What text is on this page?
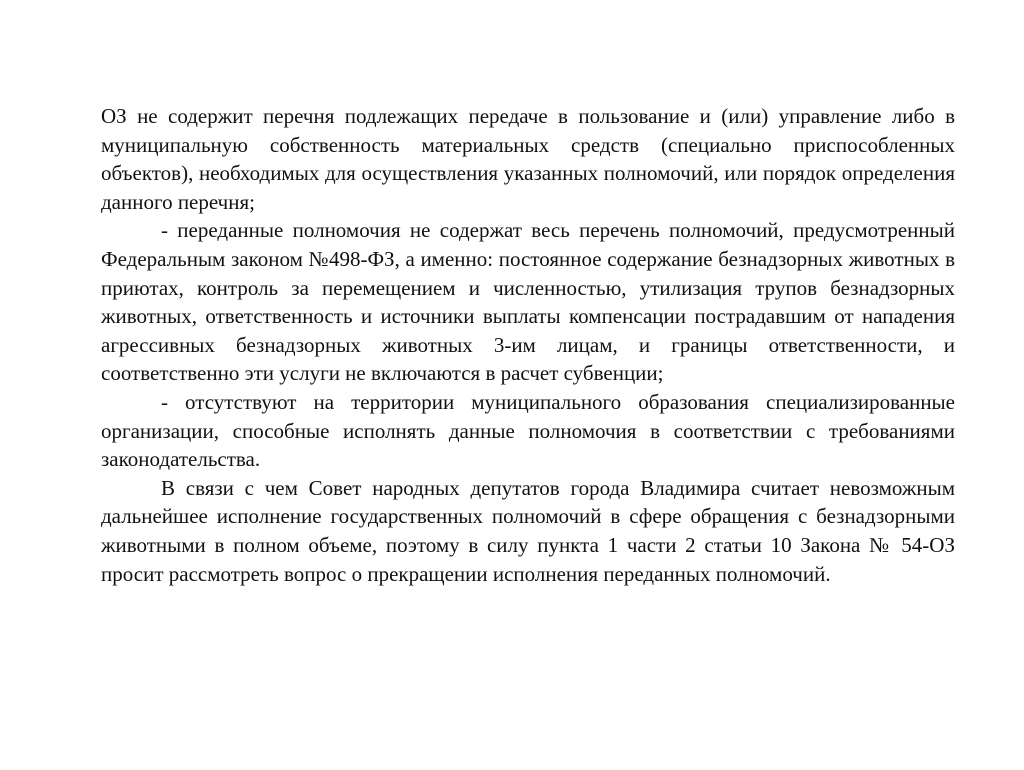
ОЗ не содержит перечня подлежащих передаче в пользование и (или) управление либо в муниципальную собственность материальных средств (специально приспособленных объектов), необходимых для осуществления указанных полномочий, или порядок определения данного перечня;

- переданные полномочия не содержат весь перечень полномочий, предусмотренный Федеральным законом №498-ФЗ, а именно: постоянное содержание безнадзорных животных в приютах, контроль за перемещением и численностью, утилизация трупов безнадзорных животных, ответственность и источники выплаты компенсации пострадавшим от нападения агрессивных безнадзорных животных 3-им лицам, и границы ответственности, и соответственно эти услуги не включаются в расчет субвенции;

- отсутствуют на территории муниципального образования специализированные организации, способные исполнять данные полномочия в соответствии с требованиями законодательства.

В связи с чем Совет народных депутатов города Владимира считает невозможным дальнейшее исполнение государственных полномочий в сфере обращения с безнадзорными животными в полном объеме, поэтому в силу пункта 1 части 2 статьи 10 Закона № 54-ОЗ просит рассмотреть вопрос о прекращении исполнения переданных полномочий.
